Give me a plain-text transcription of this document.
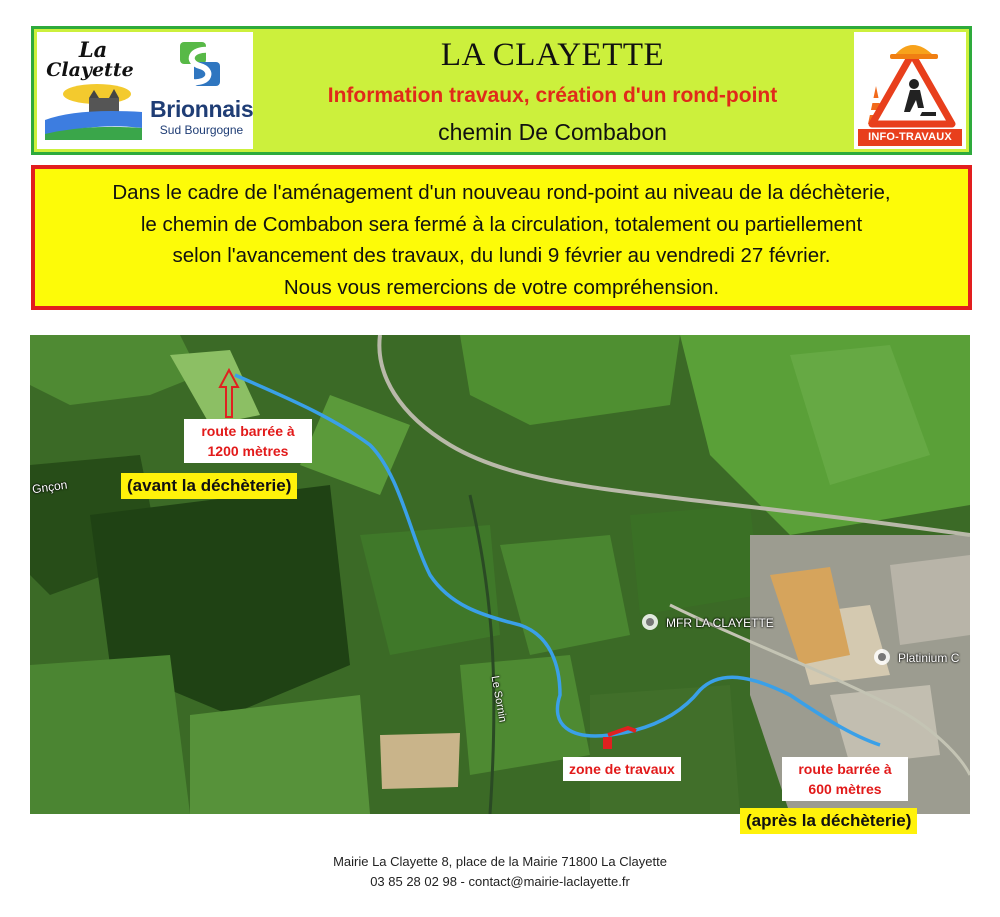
La
Clayette
Brionnais
Sud Bourgogne
LA CLAYETTE
Information travaux, création d'un rond-point
chemin De Combabon	INFO-TRAVAUX
Dans le cadre de l'aménagement d'un nouveau rond-point au niveau de la déchèterie,
le chemin de Combabon sera fermé à la circulation, totalement ou partiellement
selon l'avancement des travaux, du lundi 9 février au vendredi 27 février.
Nous vous remercions de votre compréhension.
MFR LA CLAYETTE
Platinium C
Gnçon
Le Sornin
route barrée à
1200 mètres
(avant la déchèterie)
zone de travaux	route barrée à
600 mètres
(après la déchèterie)
Mairie La Clayette 8, place de la Mairie 71800 La Clayette
03 85 28 02 98 - contact@mairie-laclayette.fr
